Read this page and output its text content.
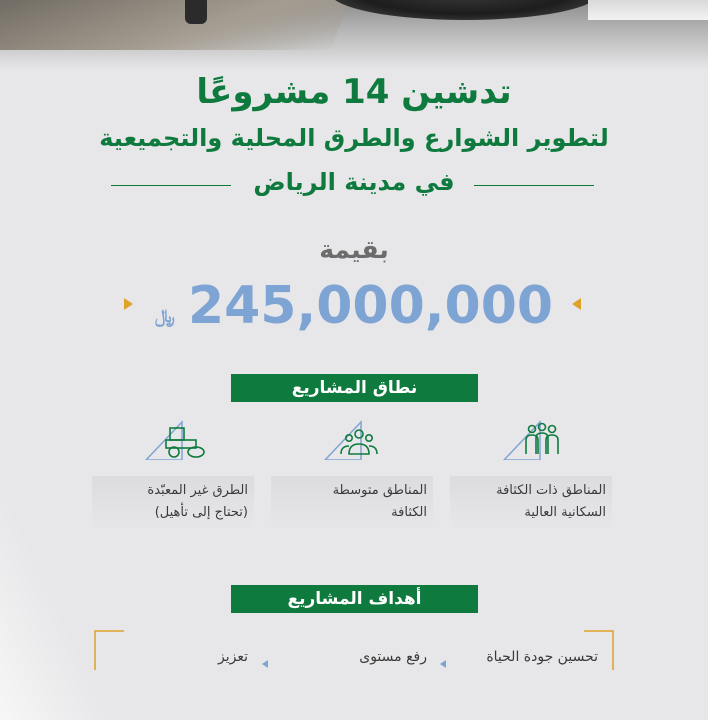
تدشين 14 مشروعًا
لتطوير الشوارع والطرق المحلية والتجميعية
في مدينة الرياض
بقيمة
﷼ 245,000,000
نطاق المشاريع
المناطق ذات الكثافة
السكانية العالية
المناطق متوسطة
الكثافة
الطرق غير المعبّدة
(تحتاج إلى تأهيل)
أهداف المشاريع
تحسين جودة الحياة
رفع مستوى
تعزيز
